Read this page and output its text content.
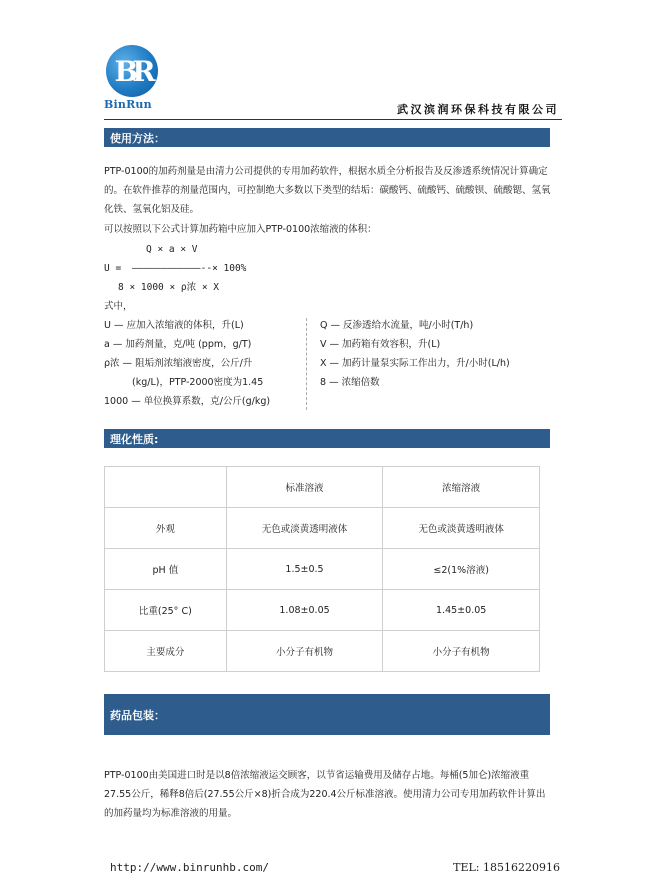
BR
BinRun	武汉滨润环保科技有限公司
使用方法：
PTP-0100的加药剂量是由清力公司提供的专用加药软件，根据水质全分析报告及反渗透系统情况计算确定的。在软件推荐的剂量范围内，可控制绝大多数以下类型的结垢：碳酸钙、硫酸钙、硫酸钡、硫酸锶、氢氧化铁、氢氧化铝及硅。
可以按照以下公式计算加药箱中应加入PTP-0100浓缩液的体积：
Q × a × V
U = ————————————--× 100%
8 × 1000 × ρ浓 × X
式中，
U — 应加入浓缩液的体积，升(L)
a — 加药剂量，克/吨 (ppm，g/T)
ρ浓 — 阻垢剂浓缩液密度，公斤/升
(kg/L)，PTP-2000密度为1.45
1000 — 单位换算系数，克/公斤(g/kg)
Q — 反渗透给水流量，吨/小时(T/h)
V — 加药箱有效容积，升(L)
X — 加药计量泵实际工作出力，升/小时(L/h)
8 — 浓缩倍数
理化性质:
	标准溶液	浓缩溶液
外观	无色或淡黄透明液体	无色或淡黄透明液体
pH 值	1.5±0.5	≤2(1%溶液)
比重(25° C)	1.08±0.05	1.45±0.05
主要成分	小分子有机物	小分子有机物
药品包装：
PTP-0100由美国进口时是以8倍浓缩液运交顾客，以节省运输费用及储存占地。每桶(5加仑)浓缩液重27.55公斤，稀释8倍后(27.55公斤×8)折合成为220.4公斤标准溶液。使用清力公司专用加药软件计算出的加药量均为标准溶液的用量。
http://www.binrunhb.com/	TEL: 18516220916
